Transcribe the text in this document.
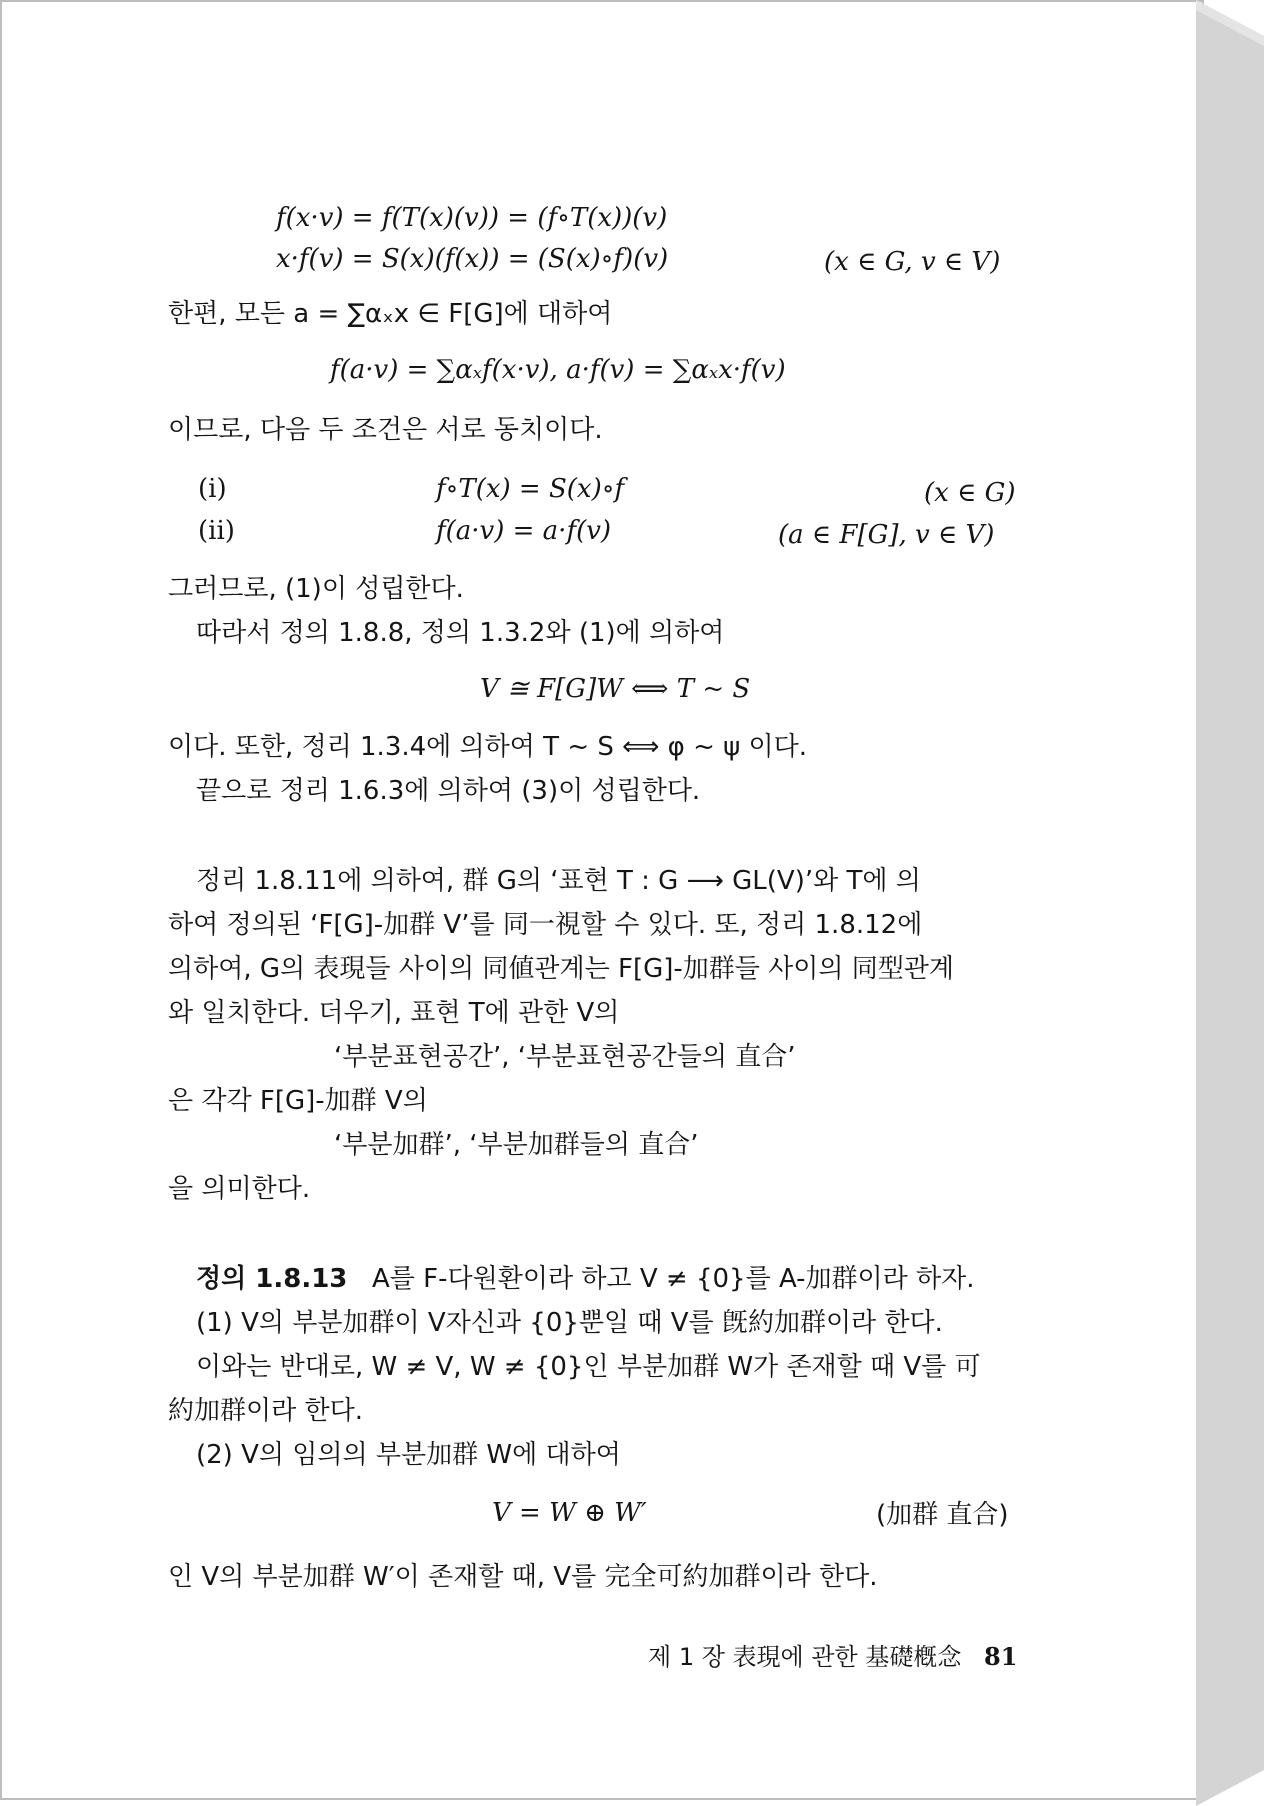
f(x·v) = f(T(x)(v)) = (f∘T(x))(v)
x·f(v) = S(x)(f(x)) = (S(x)∘f)(v)	(x ∈ G, v ∈ V)
한편, 모든 a = ∑αₓx ∈ F[G]에 대하여
f(a·v) = ∑αₓf(x·v), a·f(v) = ∑αₓx·f(v)
이므로, 다음 두 조건은 서로 동치이다.
(i)	f∘T(x) = S(x)∘f	(x ∈ G)
(ii)	f(a·v) = a·f(v)	(a ∈ F[G], v ∈ V)
그러므로, (1)이 성립한다.
따라서 정의 1.8.8, 정의 1.3.2와 (1)에 의하여
V ≅ F[G]W ⟺ T ~ S
이다. 또한, 정리 1.3.4에 의하여 T ~ S ⟺ φ ~ ψ 이다.
끝으로 정리 1.6.3에 의하여 (3)이 성립한다.
정리 1.8.11에 의하여, 群 G의 ‘표현 T : G ⟶ GL(V)’와 T에 의
하여 정의된 ‘F[G]-加群 V’를 同一視할 수 있다. 또, 정리 1.8.12에
의하여, G의 表現들 사이의 同値관계는 F[G]-加群들 사이의 同型관계
와 일치한다. 더우기, 표현 T에 관한 V의
‘부분표현공간’, ‘부분표현공간들의 直合’
은 각각 F[G]-加群 V의
‘부분加群’, ‘부분加群들의 直合’
을 의미한다.
정의 1.8.13 A를 F-다원환이라 하고 V ≠ {0}를 A-加群이라 하자.
(1) V의 부분加群이 V자신과 {0}뿐일 때 V를 旣約加群이라 한다.
이와는 반대로, W ≠ V, W ≠ {0}인 부분加群 W가 존재할 때 V를 可
約加群이라 한다.
(2) V의 임의의 부분加群 W에 대하여
V = W ⊕ W′	(加群 直合)
인 V의 부분加群 W′이 존재할 때, V를 完全可約加群이라 한다.
제 1 장 表現에 관한 基礎槪念 81
